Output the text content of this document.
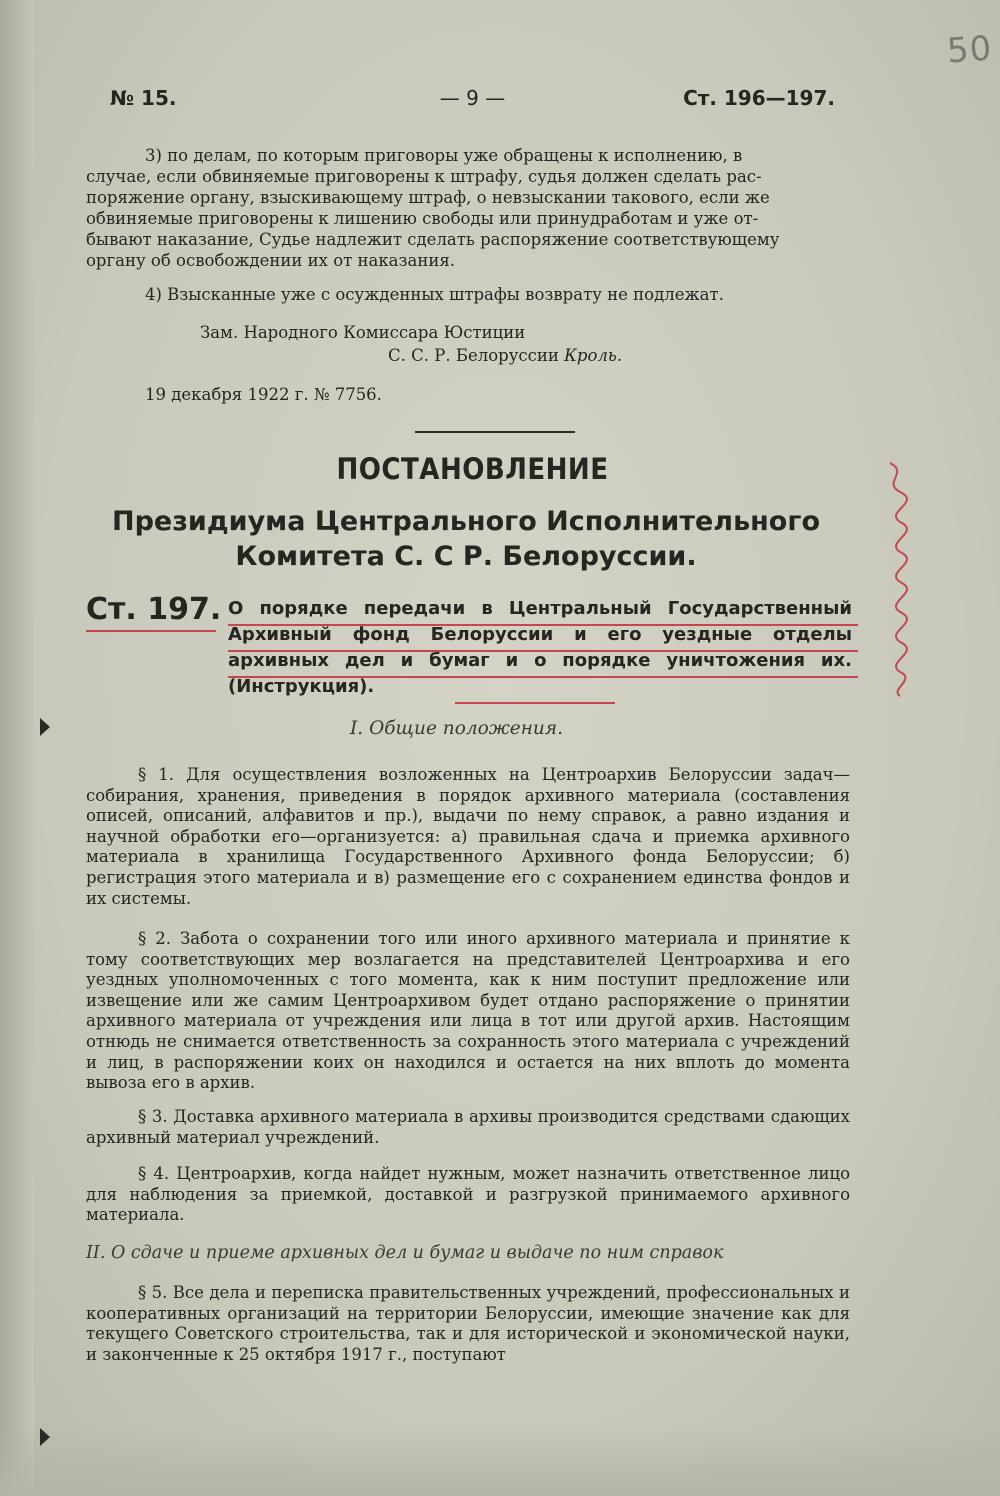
50
— 9 —
№ 15.	Ст. 196—197.
3) по делам, по которым приговоры уже обращены к исполнению, в
случае, если обвиняемые приговорены к штрафу, судья должен сделать рас-
поряжение органу, взыскивающему штраф, о невзыскании такового, если же
обвиняемые приговорены к лишению свободы или принудработам и уже от-
бывают наказание, Судье надлежит сделать распоряжение соответствующему
органу об освобождении их от наказания.
4) Взысканные уже с осужденных штрафы возврату не подлежат.
Зам. Народного Комиссара Юстиции
С. С. Р. Белоруссии Кроль.
19 декабря 1922 г. № 7756.
ПОСТАНОВЛЕНИЕ
Президиума Центрального Исполнительного Комитета С. С Р. Белоруссии.
Ст. 197. О порядке передачи в Центральный Государственный Архивный фонд Белоруссии и его уездные отделы архивных дел и бумаг и о порядке уничтожения их. (Инструкция).
I. Общие положения.
§ 1. Для осуществления возложенных на Центроархив Белоруссии задач—собирания, хранения, приведения в порядок архивного материала (составления описей, описаний, алфавитов и пр.), выдачи по нему справок, а равно издания и научной обработки его—организуется: а) правильная сдача и приемка архивного материала в хранилища Государственного Архивного фонда Белоруссии; б) регистрация этого материала и в) размещение его с сохранением единства фондов и их системы.
§ 2. Забота о сохранении того или иного архивного материала и принятие к тому соответствующих мер возлагается на представителей Центроархива и его уездных уполномоченных с того момента, как к ним поступит предложение или извещение или же самим Центроархивом будет отдано распоряжение о принятии архивного материала от учреждения или лица в тот или другой архив. Настоящим отнюдь не снимается ответственность за сохранность этого материала с учреждений и лиц, в распоряжении коих он находился и остается на них вплоть до момента вывоза его в архив.
§ 3. Доставка архивного материала в архивы производится средствами сдающих архивный материал учреждений.
§ 4. Центроархив, когда найдет нужным, может назначить ответственное лицо для наблюдения за приемкой, доставкой и разгрузкой принимаемого архивного материала.
II. О сдаче и приеме архивных дел и бумаг и выдаче по ним справок
§ 5. Все дела и переписка правительственных учреждений, профессиональных и кооперативных организаций на территории Белоруссии, имеющие значение как для текущего Советского строительства, так и для исторической и экономической науки, и законченные к 25 октября 1917 г., поступают
